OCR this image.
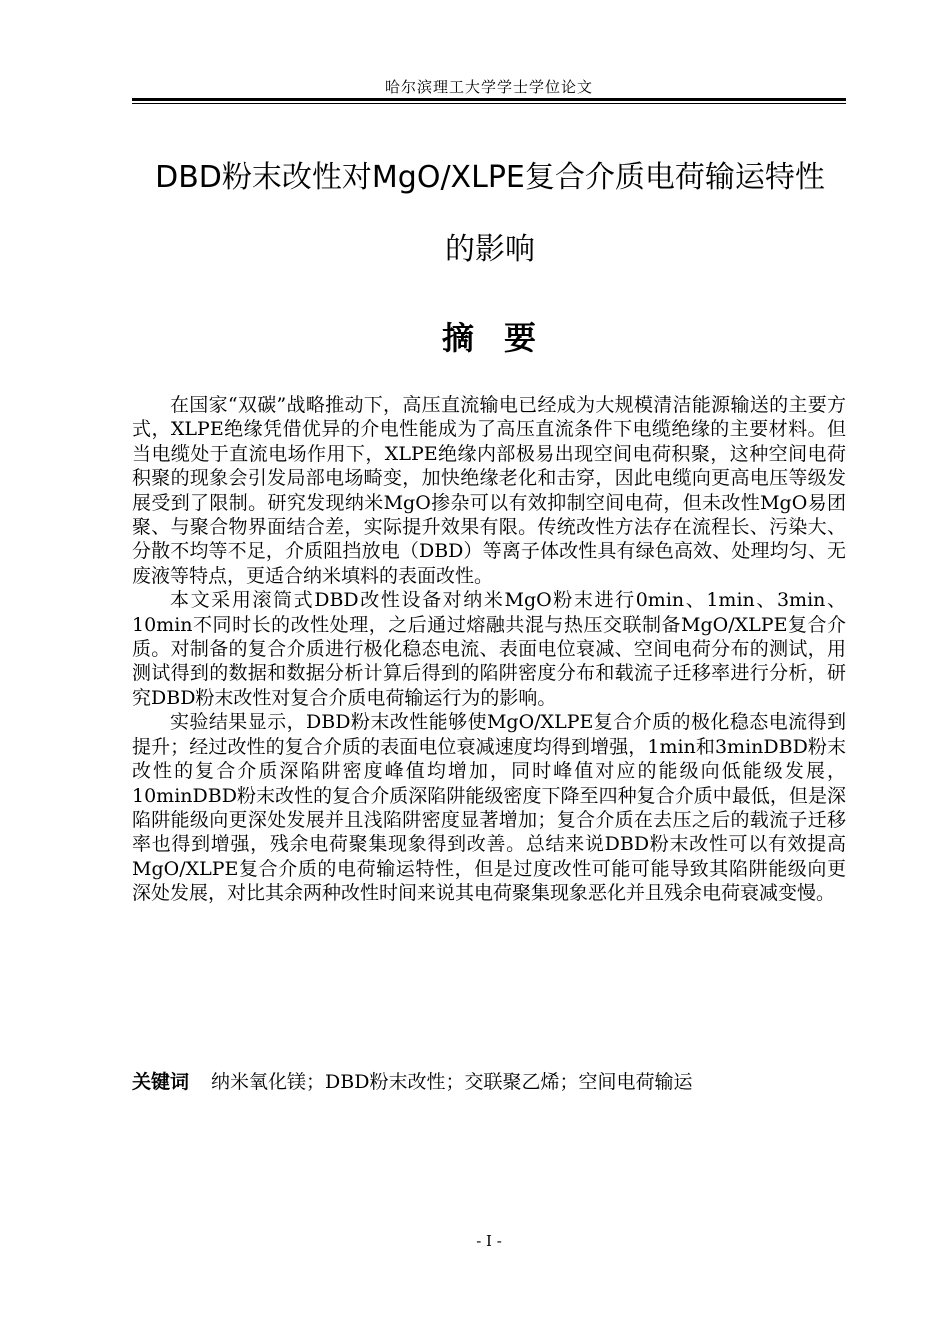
哈尔滨理工大学学士学位论文
DBD粉末改性对MgO/XLPE复合介质电荷输运特性
的影响
摘要

在国家“双碳”战略推动下，高压直流输电已经成为大规模清洁能源输送的主要方式，XLPE绝缘凭借优异的介电性能成为了高压直流条件下电缆绝缘的主要材料。但当电缆处于直流电场作用下，XLPE绝缘内部极易出现空间电荷积聚，这种空间电荷积聚的现象会引发局部电场畸变，加快绝缘老化和击穿，因此电缆向更高电压等级发展受到了限制。研究发现纳米MgO掺杂可以有效抑制空间电荷，但未改性MgO易团聚、与聚合物界面结合差，实际提升效果有限。传统改性方法存在流程长、污染大、分散不均等不足，介质阻挡放电（DBD）等离子体改性具有绿色高效、处理均匀、无废液等特点，更适合纳米填料的表面改性。

本文采用滚筒式DBD改性设备对纳米MgO粉末进行0min、1min、3min、10min不同时长的改性处理，之后通过熔融共混与热压交联制备MgO/XLPE复合介质。对制备的复合介质进行极化稳态电流、表面电位衰减、空间电荷分布的测试，用测试得到的数据和数据分析计算后得到的陷阱密度分布和载流子迁移率进行分析，研究DBD粉末改性对复合介质电荷输运行为的影响。

实验结果显示，DBD粉末改性能够使MgO/XLPE复合介质的极化稳态电流得到提升；经过改性的复合介质的表面电位衰减速度均得到增强，1min和3minDBD粉末改性的复合介质深陷阱密度峰值均增加，同时峰值对应的能级向低能级发展，10minDBD粉末改性的复合介质深陷阱能级密度下降至四种复合介质中最低，但是深陷阱能级向更深处发展并且浅陷阱密度显著增加；复合介质在去压之后的载流子迁移率也得到增强，残余电荷聚集现象得到改善。总结来说DBD粉末改性可以有效提高MgO/XLPE复合介质的电荷输运特性，但是过度改性可能可能导致其陷阱能级向更深处发展，对比其余两种改性时间来说其电荷聚集现象恶化并且残余电荷衰减变慢。

关键词 纳米氧化镁；DBD粉末改性；交联聚乙烯；空间电荷输运
- I -
